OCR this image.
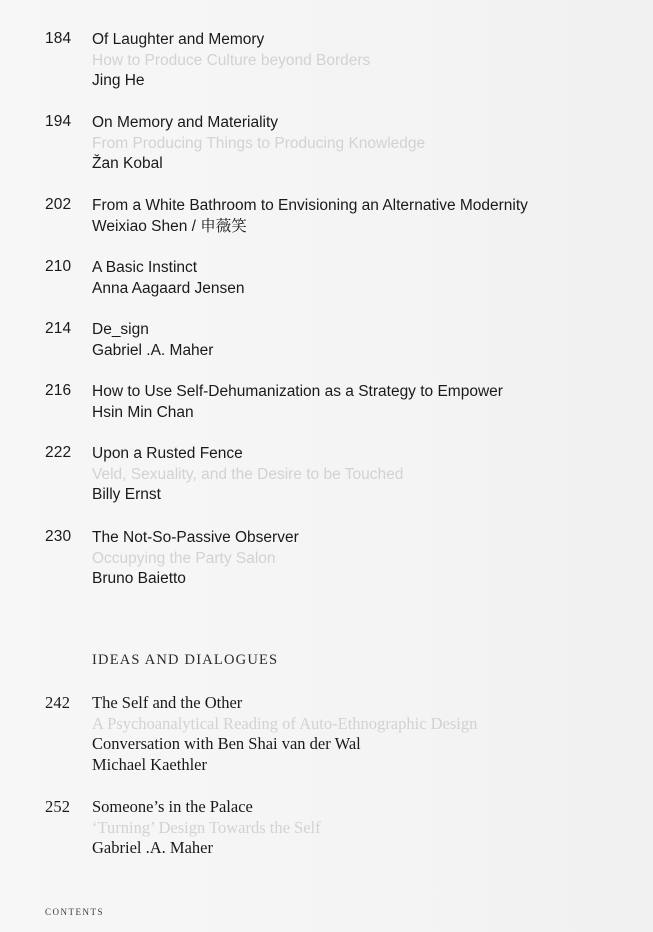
184 Of Laughter and Memory
How to Produce Culture beyond Borders
Jing He
194 On Memory and Materiality
From Producing Things to Producing Knowledge
Žan Kobal
202 From a White Bathroom to Envisioning an Alternative Modernity
Weixiao Shen / 申薇笑
210 A Basic Instinct
Anna Aagaard Jensen
214 De_sign
Gabriel .A. Maher
216 How to Use Self-Dehumanization as a Strategy to Empower
Hsin Min Chan
222 Upon a Rusted Fence
Veld, Sexuality, and the Desire to be Touched
Billy Ernst
230 The Not-So-Passive Observer
Occupying the Party Salon
Bruno Baietto
IDEAS AND DIALOGUES
242 The Self and the Other
A Psychoanalytical Reading of Auto-Ethnographic Design
Conversation with Ben Shai van der Wal
Michael Kaethler
252 Someone’s in the Palace
‘Turning’ Design Towards the Self
Gabriel .A. Maher
CONTENTS
